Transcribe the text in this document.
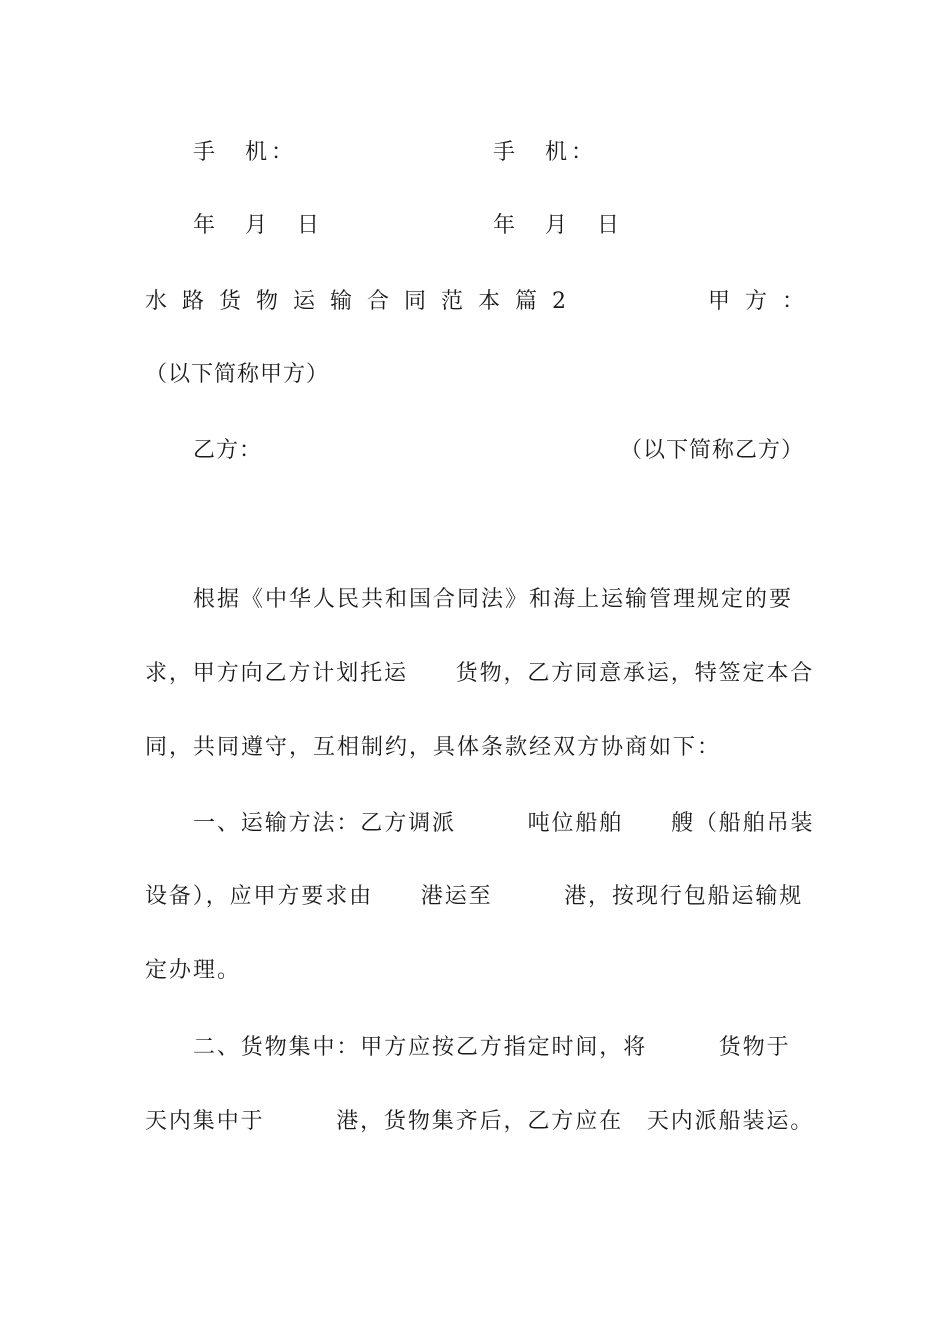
手　机：	手　机：
年　月　日	年　月　日
水路货物运输合同范本篇2	甲方：
（以下简称甲方）
乙方：	（以下简称乙方）
根据《中华人民共和国合同法》和海上运输管理规定的要
求，甲方向乙方计划托运　　货物，乙方同意承运，特签定本合
同，共同遵守，互相制约，具体条款经双方协商如下：
一、运输方法：乙方调派　　　吨位船舶　　艘（船舶吊装
设备），应甲方要求由　　港运至　　　港，按现行包船运输规
定办理。
二、货物集中：甲方应按乙方指定时间，将　　　货物于
天内集中于　　　港，货物集齐后，乙方应在　天内派船装运。
